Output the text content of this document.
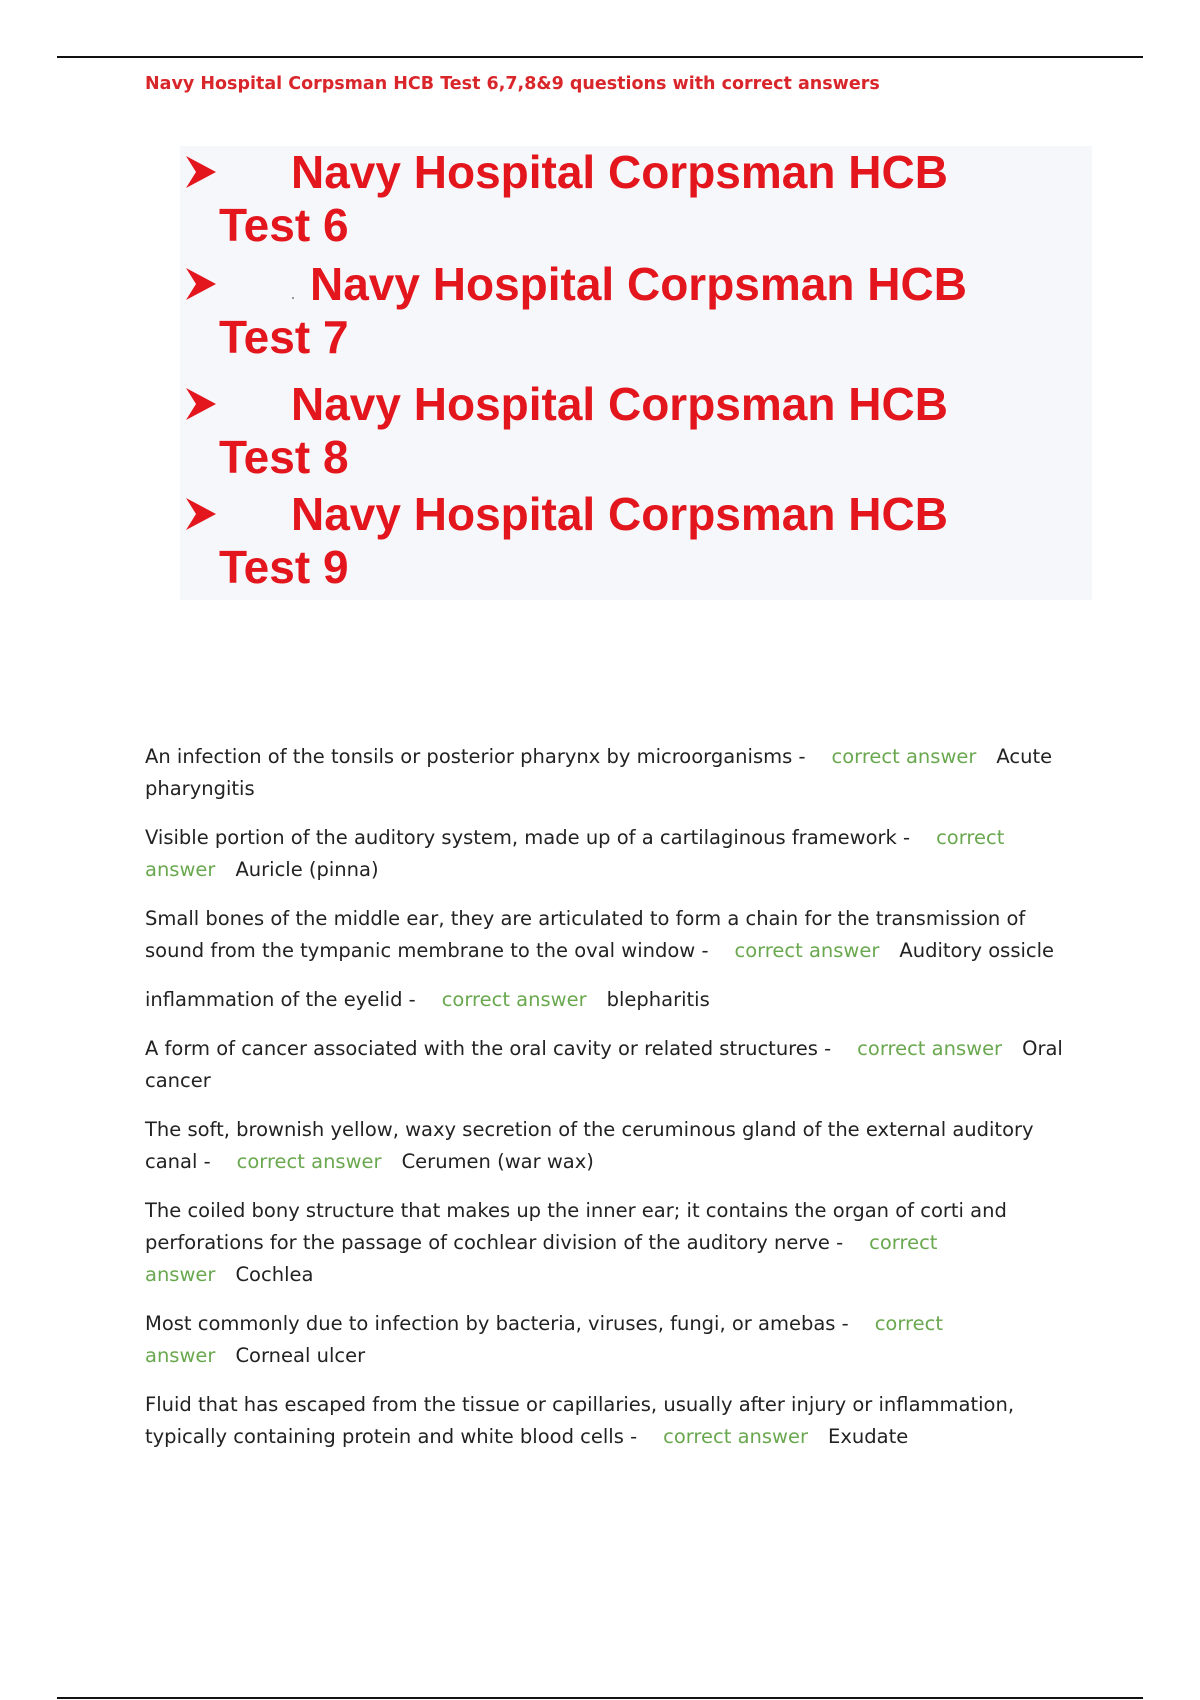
Navy Hospital Corpsman HCB Test 6,7,8&9 questions with correct answers
Navy Hospital Corpsman HCB
Test 6
Navy Hospital Corpsman HCB
Test 7
Navy Hospital Corpsman HCB
Test 8
Navy Hospital Corpsman HCB
Test 9

An infection of the tonsils or posterior pharynx by microorganisms - correct answer Acute pharyngitis

Visible portion of the auditory system, made up of a cartilaginous framework - correct answer Auricle (pinna)

Small bones of the middle ear, they are articulated to form a chain for the transmission of sound from the tympanic membrane to the oval window - correct answer Auditory ossicle

inflammation of the eyelid - correct answer blepharitis

A form of cancer associated with the oral cavity or related structures - correct answer Oral cancer

The soft, brownish yellow, waxy secretion of the ceruminous gland of the external auditory canal - correct answer Cerumen (war wax)

The coiled bony structure that makes up the inner ear; it contains the organ of corti and perforations for the passage of cochlear division of the auditory nerve - correct answer Cochlea

Most commonly due to infection by bacteria, viruses, fungi, or amebas - correct answer Corneal ulcer

Fluid that has escaped from the tissue or capillaries, usually after injury or inflammation, typically containing protein and white blood cells - correct answer Exudate
